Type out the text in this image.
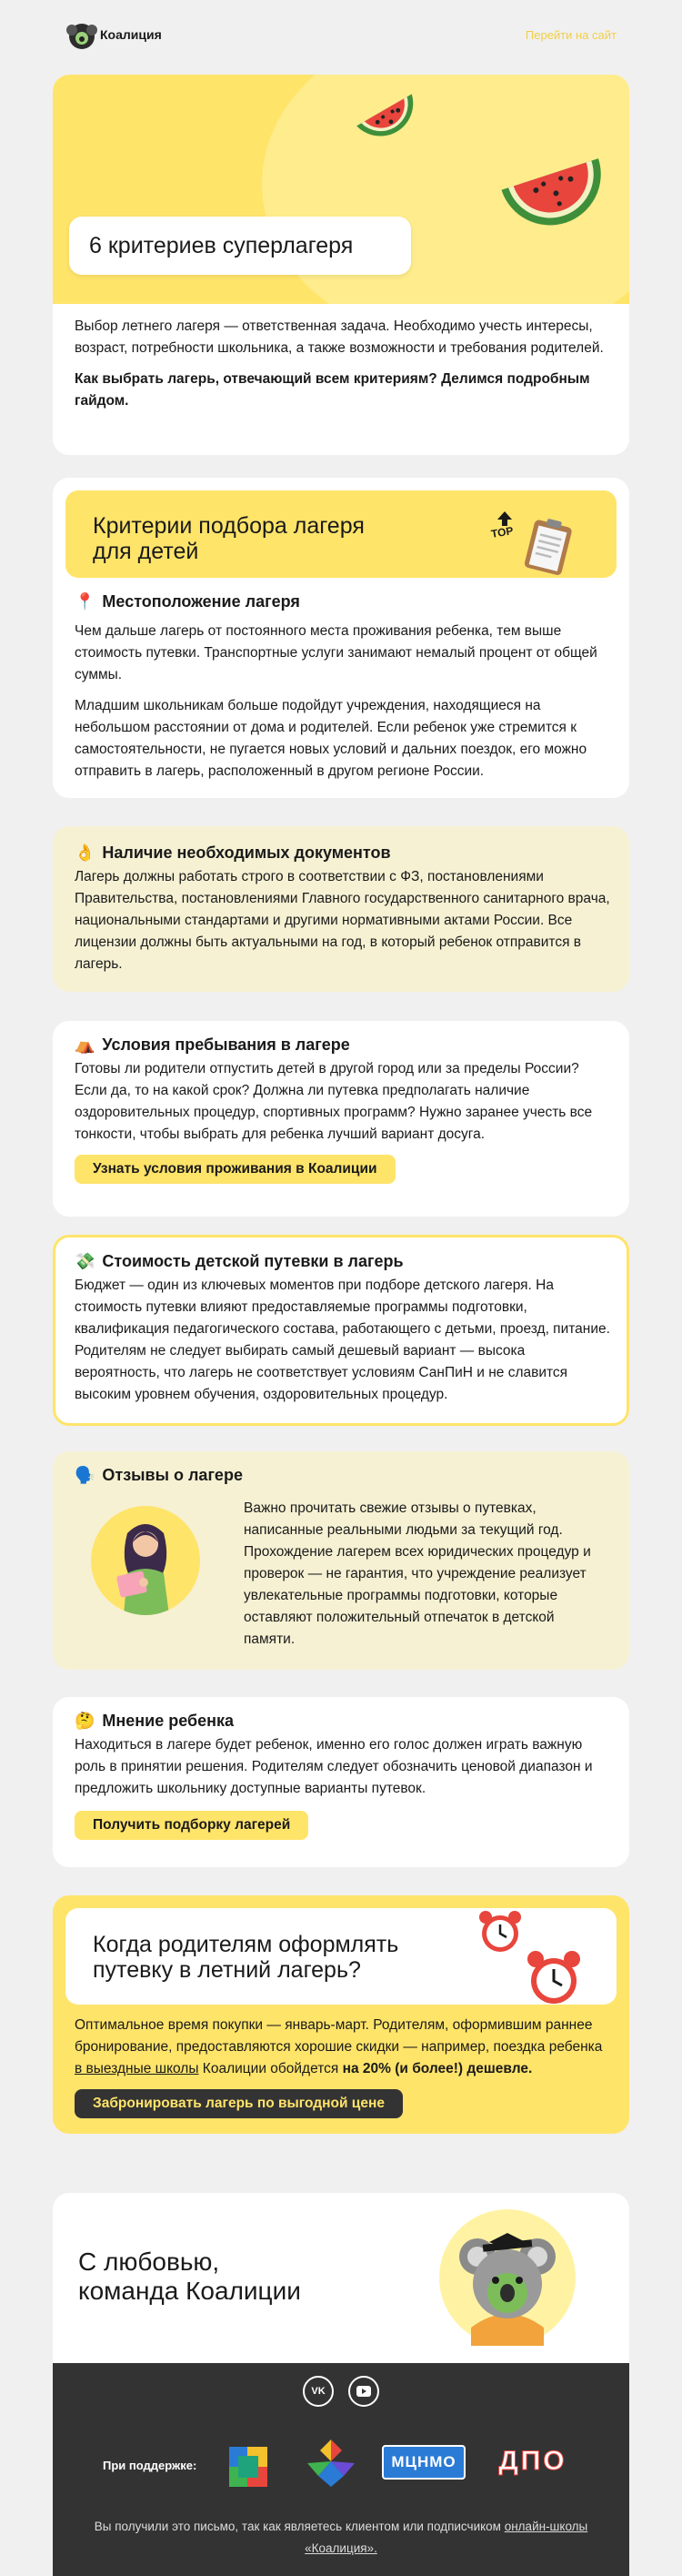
Коалиция	Перейти на сайт
6 критериев суперлагеря

Выбор летнего лагеря — ответственная задача. Необходимо учесть интересы, возраст, потребности школьника, а также возможности и требования родителей.

Как выбрать лагерь, отвечающий всем критериям? Делимся подробным гайдом.

Критерии подбора лагеря для детей
TOP
📍 Местоположение лагеря

Чем дальше лагерь от постоянного места проживания ребенка, тем выше стоимость путевки. Транспортные услуги занимают немалый процент от общей суммы.

Младшим школьникам больше подойдут учреждения, находящиеся на небольшом расстоянии от дома и родителей. Если ребенок уже стремится к самостоятельности, не пугается новых условий и дальних поездок, его можно отправить в лагерь, расположенный в другом регионе России.

👌 Наличие необходимых документов

Лагерь должны работать строго в соответствии с ФЗ, постановлениями Правительства, постановлениями Главного государственного санитарного врача, национальными стандартами и другими нормативными актами России. Все лицензии должны быть актуальными на год, в который ребенок отправится в лагерь.

⛺ Условия пребывания в лагере

Готовы ли родители отпустить детей в другой город или за пределы России? Если да, то на какой срок? Должна ли путевка предполагать наличие оздоровительных процедур, спортивных программ? Нужно заранее учесть все тонкости, чтобы выбрать для ребенка лучший вариант досуга.

Узнать условия проживания в Коалиции
💸 Стоимость детской путевки в лагерь

Бюджет — один из ключевых моментов при подборе детского лагеря. На стоимость путевки влияют предоставляемые программы подготовки, квалификация педагогического состава, работающего с детьми, проезд, питание. Родителям не следует выбирать самый дешевый вариант — высока вероятность, что лагерь не соответствует условиям СанПиН и не славится высоким уровнем обучения, оздоровительных процедур.

🗣️ Отзывы о лагере

Важно прочитать свежие отзывы о путевках, написанные реальными людьми за текущий год. Прохождение лагерем всех юридических процедур и проверок — не гарантия, что учреждение реализует увлекательные программы подготовки, которые оставляют положительный отпечаток в детской памяти.

🤔 Мнение ребенка

Находиться в лагере будет ребенок, именно его голос должен играть важную роль в принятии решения. Родителям следует обозначить ценовой диапазон и предложить школьнику доступные варианты путевок.

Получить подборку лагерей
Когда родителям оформлять путевку в летний лагерь?

Оптимальное время покупки — январь-март. Родителям, оформившим раннее бронирование, предоставляются хорошие скидки — например, поездка ребенка в выездные школы Коалиции обойдется на 20% (и более!) дешевле.

Забронировать лагерь по выгодной цене
С любовью,
команда Коалиции
VK
При поддержке:	МЦНМО	ДПО

Вы получили это письмо, так как являетесь клиентом или подписчиком онлайн-школы «Коалиция».
